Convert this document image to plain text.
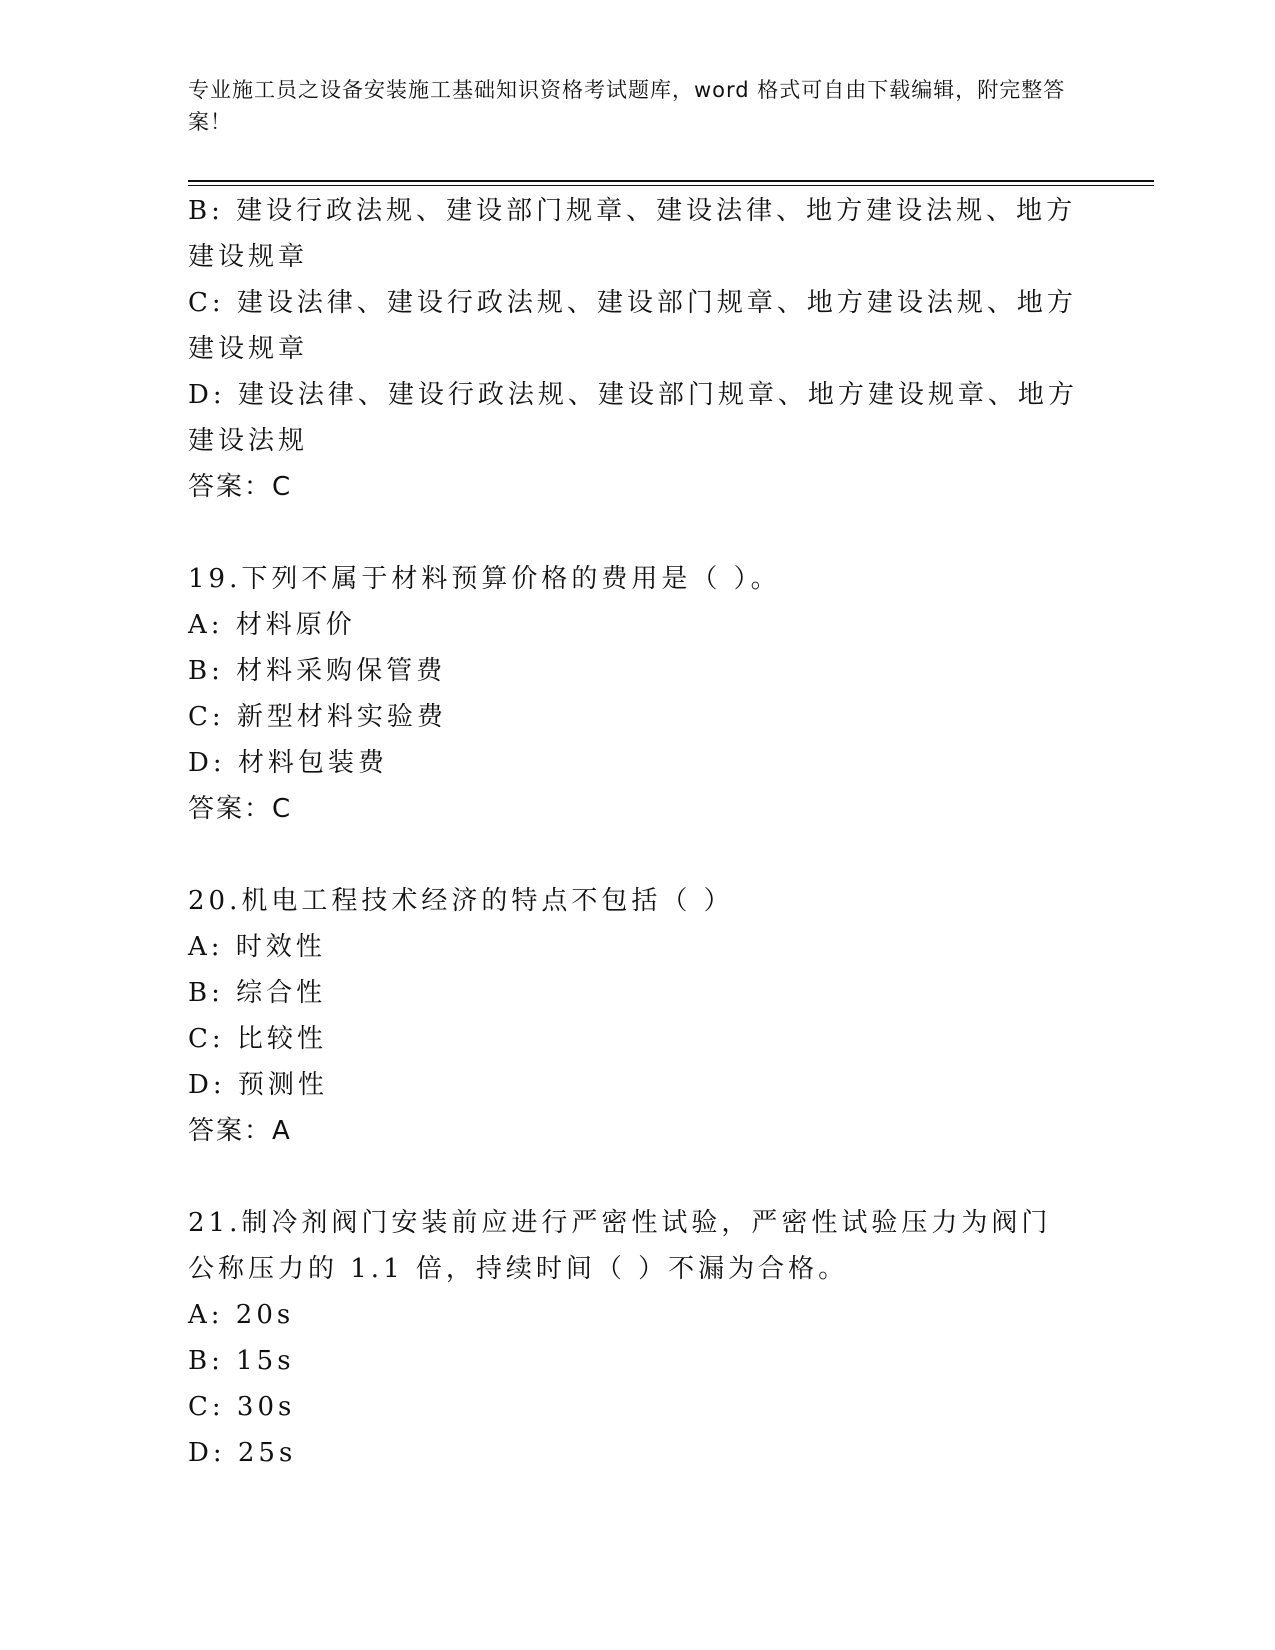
专业施工员之设备安装施工基础知识资格考试题库，word 格式可自由下载编辑，附完整答案！

B: 建设行政法规、建设部门规章、建设法律、地方建设法规、地方建设规章

C: 建设法律、建设行政法规、建设部门规章、地方建设法规、地方建设规章

D: 建设法律、建设行政法规、建设部门规章、地方建设规章、地方建设法规

答案：C

19.下列不属于材料预算价格的费用是（ ）。

A: 材料原价

B: 材料采购保管费

C: 新型材料实验费

D: 材料包装费

答案：C

20.机电工程技术经济的特点不包括（ ）

A: 时效性

B: 综合性

C: 比较性

D: 预测性

答案：A

21.制冷剂阀门安装前应进行严密性试验，严密性试验压力为阀门公称压力的 1.1 倍，持续时间（ ）不漏为合格。

A: 20s

B: 15s

C: 30s

D: 25s
